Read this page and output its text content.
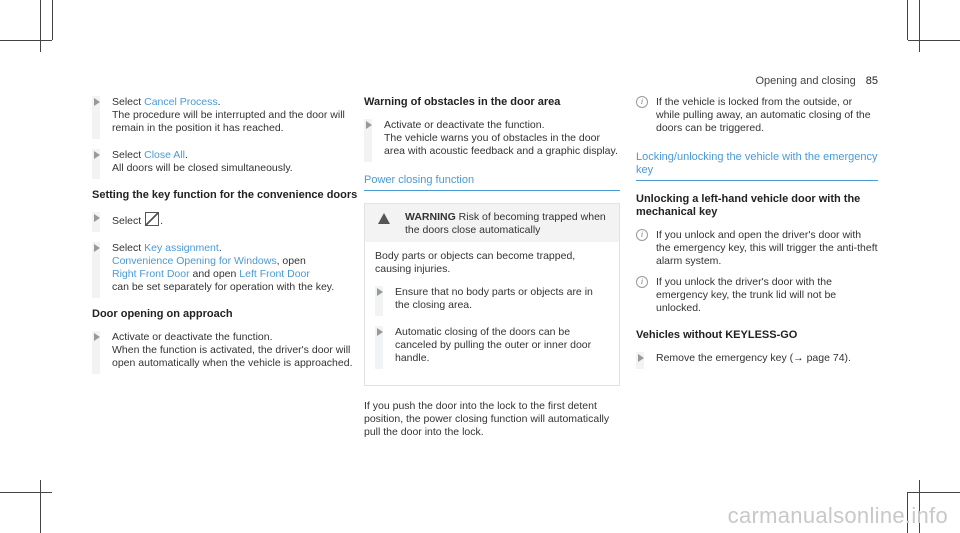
Opening and closing 85
Select Cancel Process.
The procedure will be interrupted and the door will remain in the position it has reached.
Select Close All.
All doors will be closed simultaneously.
Setting the key function for the convenience doors
Select .
Select Key assignment.
Convenience Opening for Windows, open
Right Front Door and open Left Front Door
can be set separately for operation with the key.
Door opening on approach
Activate or deactivate the function.
When the function is activated, the driver's door will open automatically when the vehicle is approached.
Warning of obstacles in the door area
Activate or deactivate the function.
The vehicle warns you of obstacles in the door area with acoustic feedback and a graphic display.
Power closing function
WARNING Risk of becoming trapped when the doors close automatically
Body parts or objects can become trapped, causing injuries.
Ensure that no body parts or objects are in the closing area.
Automatic closing of the doors can be canceled by pulling the outer or inner door handle.
If you push the door into the lock to the first detent position, the power closing function will automatically pull the door into the lock.
i	If the vehicle is locked from the outside, or while pulling away, an automatic closing of the doors can be triggered.
Locking/unlocking the vehicle with the emergency key
Unlocking a left-hand vehicle door with the mechanical key
i	If you unlock and open the driver's door with the emergency key, this will trigger the anti-theft alarm system.
i	If you unlock the driver's door with the emergency key, the trunk lid will not be unlocked.
Vehicles without KEYLESS-GO
Remove the emergency key (→ page 74).
carmanualsonline.info
